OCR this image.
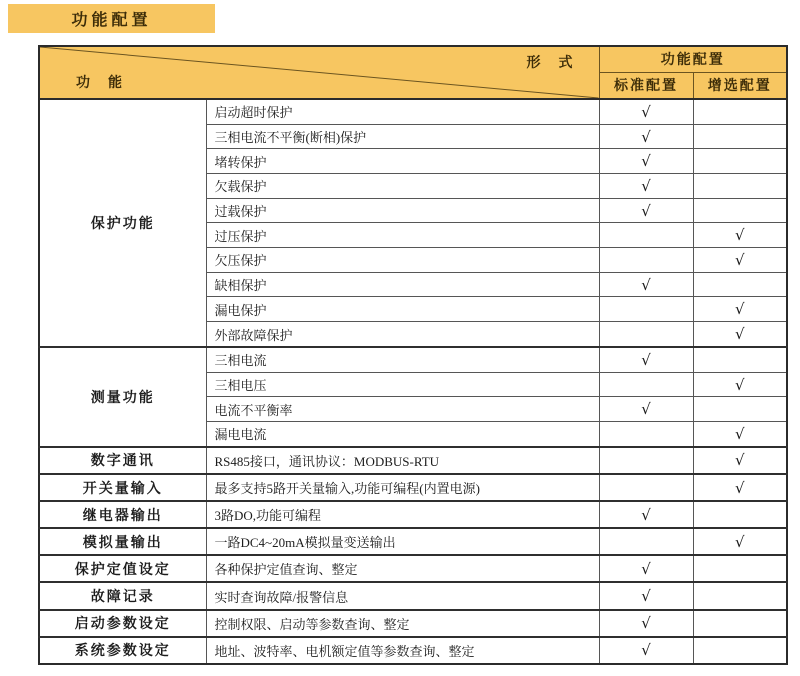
功能配置
形　式
功　能		功能配置	
		标准配置	增选配置
保护功能	启动超时保护	√	
	三相电流不平衡(断相)保护	√	
	堵转保护	√	
	欠载保护	√	
	过载保护	√	
	过压保护		√
	欠压保护		√
	缺相保护	√	
	漏电保护		√
	外部故障保护		√
测量功能	三相电流	√	
	三相电压		√
	电流不平衡率	√	
	漏电电流		√
数字通讯	RS485接口，通讯协议：MODBUS-RTU		√
开关量输入	最多支持5路开关量输入,功能可编程(内置电源)		√
继电器输出	3路DO,功能可编程	√	
模拟量输出	一路DC4~20mA模拟量变送输出		√
保护定值设定	各种保护定值查询、整定	√	
故障记录	实时查询故障/报警信息	√	
启动参数设定	控制权限、启动等参数查询、整定	√	
系统参数设定	地址、波特率、电机额定值等参数查询、整定	√	
